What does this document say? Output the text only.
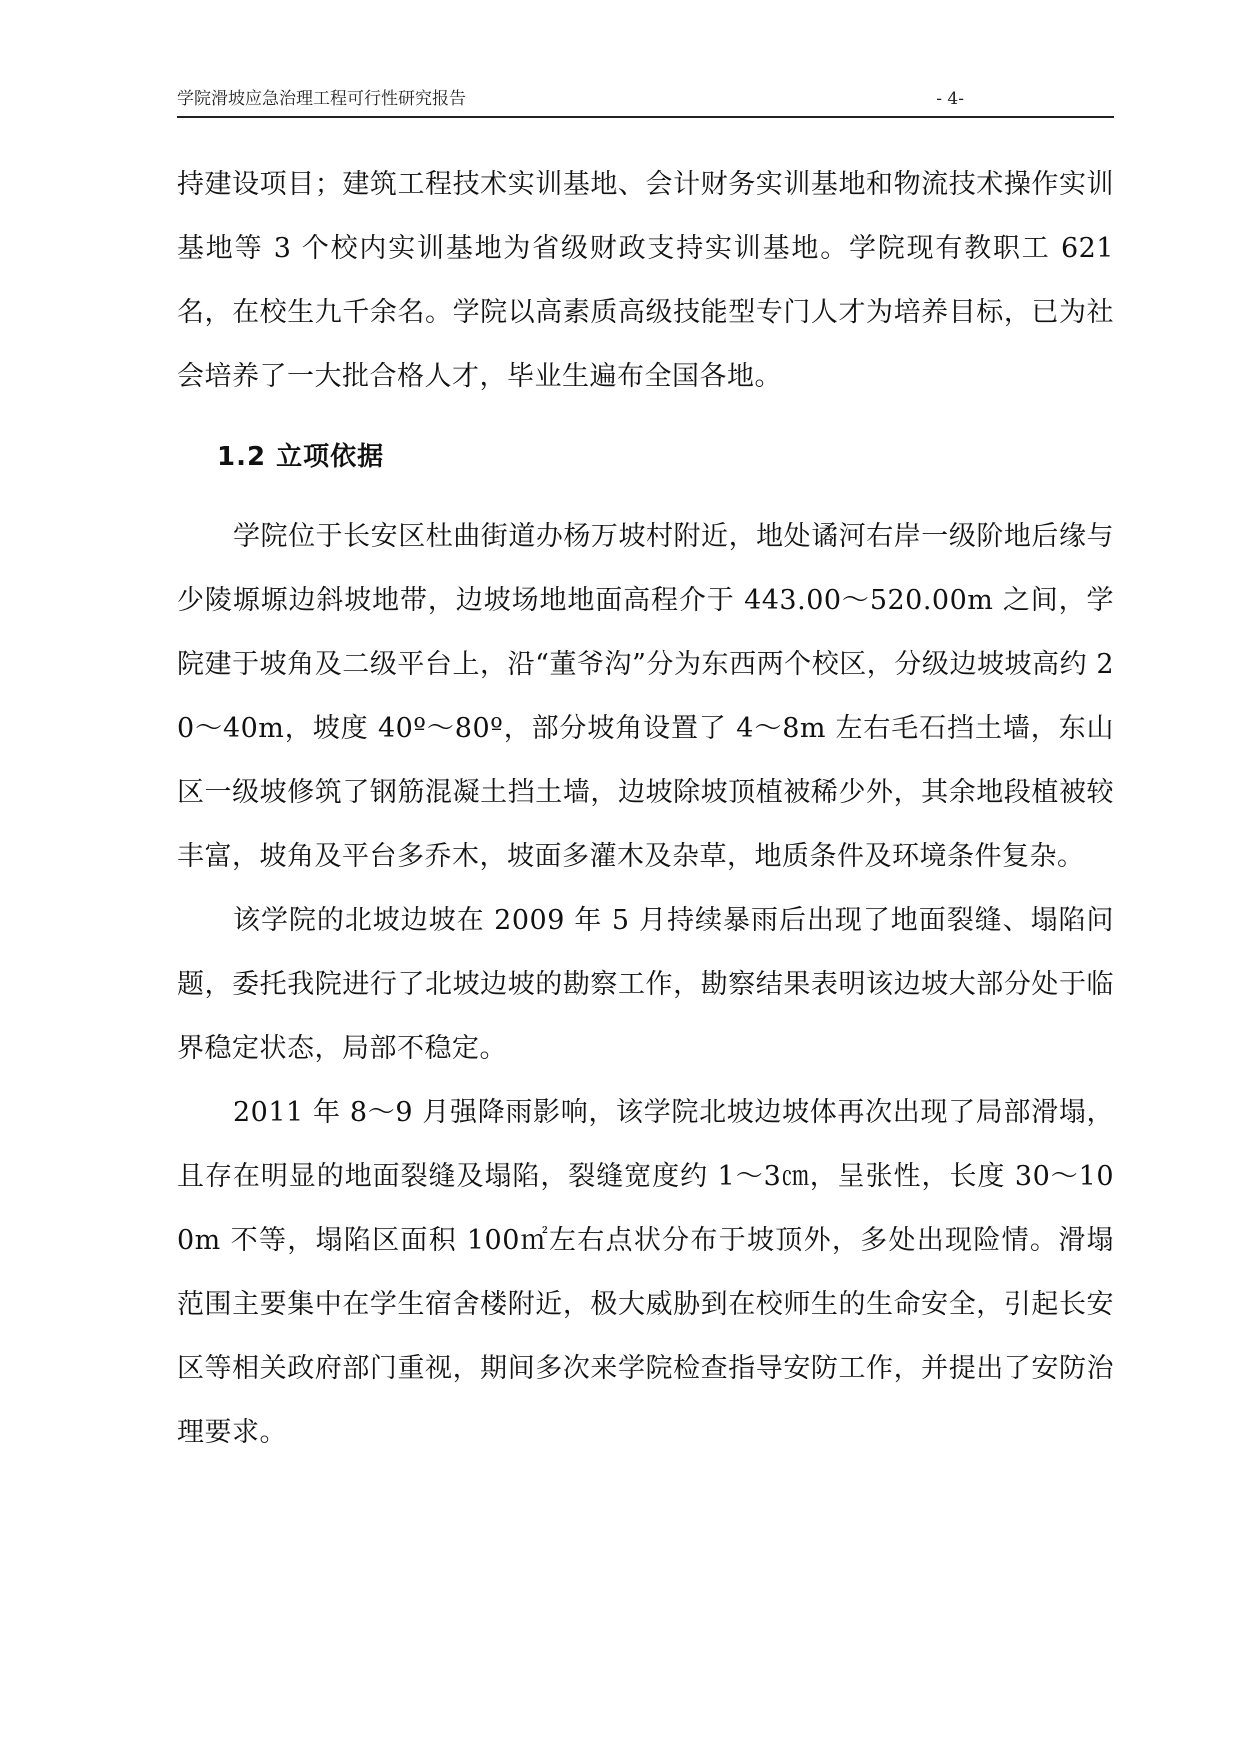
学院滑坡应急治理工程可行性研究报告	- 4-

持建设项目；建筑工程技术实训基地、会计财务实训基地和物流技术操作实训基地等 3 个校内实训基地为省级财政支持实训基地。学院现有教职工 621 名，在校生九千余名。学院以高素质高级技能型专门人才为培养目标，已为社会培养了一大批合格人才，毕业生遍布全国各地。

1.2 立项依据

学院位于长安区杜曲街道办杨万坡村附近，地处谲河右岸一级阶地后缘与少陵塬塬边斜坡地带，边坡场地地面高程介于 443.00～520.00m 之间，学院建于坡角及二级平台上，沿“董爷沟”分为东西两个校区，分级边坡坡高约 20～40m，坡度 40º～80º，部分坡角设置了 4～8m 左右毛石挡土墙，东山区一级坡修筑了钢筋混凝土挡土墙，边坡除坡顶植被稀少外，其余地段植被较丰富，坡角及平台多乔木，坡面多灌木及杂草，地质条件及环境条件复杂。

该学院的北坡边坡在 2009 年 5 月持续暴雨后出现了地面裂缝、塌陷问题，委托我院进行了北坡边坡的勘察工作，勘察结果表明该边坡大部分处于临界稳定状态，局部不稳定。

2011 年 8～9 月强降雨影响，该学院北坡边坡体再次出现了局部滑塌，且存在明显的地面裂缝及塌陷，裂缝宽度约 1～3㎝，呈张性，长度 30～100m 不等，塌陷区面积 100㎡左右点状分布于坡顶外，多处出现险情。滑塌范围主要集中在学生宿舍楼附近，极大威胁到在校师生的生命安全，引起长安区等相关政府部门重视，期间多次来学院检查指导安防工作，并提出了安防治理要求。
